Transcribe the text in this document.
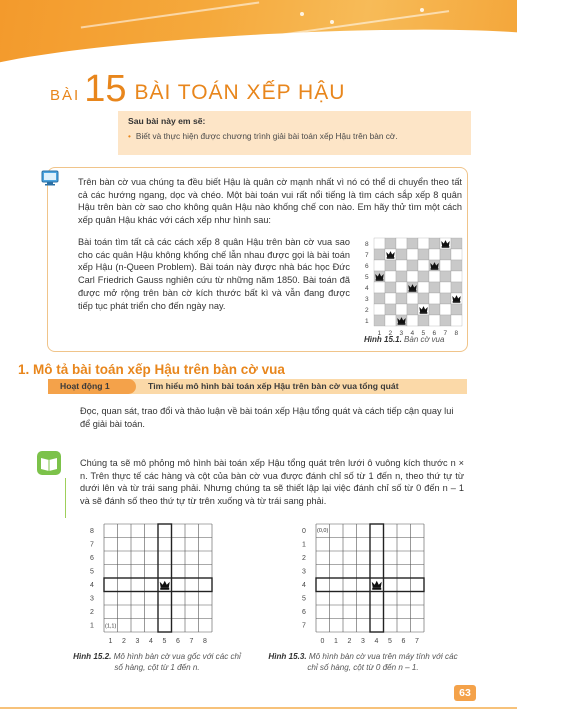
BÀI 15 BÀI TOÁN XẾP HẬU
Sau bài này em sẽ:
• Biết và thực hiện được chương trình giải bài toán xếp Hậu trên bàn cờ.
Trên bàn cờ vua chúng ta đều biết Hậu là quân cờ mạnh nhất vì nó có thể di chuyển theo tất cả các hướng ngang, dọc và chéo. Một bài toán vui rất nổi tiếng là tìm cách sắp xếp 8 quân Hậu trên bàn cờ sao cho không quân Hậu nào khống chế con nào. Em hãy thử tìm một cách xếp quân Hậu khác với cách xếp như hình sau:
Bài toán tìm tất cả các cách xếp 8 quân Hậu trên bàn cờ vua sao cho các quân Hậu không khống chế lẫn nhau được gọi là bài toán xếp Hậu (n-Queen Problem). Bài toán này được nhà bác học Đức Carl Friedrich Gauss nghiên cứu từ những năm 1850. Bài toán đã được mở rộng trên bàn cờ kích thước bất kì và vẫn đang được tiếp tục phát triển cho đến ngày nay.
8
7
6
5
4
3
2
1
1 2 3 4 5 6 7 8
Hình 15.1. Bàn cờ vua
1. Mô tả bài toán xếp Hậu trên bàn cờ vua
Hoạt động 1	Tìm hiểu mô hình bài toán xếp Hậu trên bàn cờ vua tổng quát
Đọc, quan sát, trao đổi và thảo luận về bài toán xếp Hậu tổng quát và cách tiếp cận quay lui để giải bài toán.
Chúng ta sẽ mô phỏng mô hình bài toán xếp Hậu tổng quát trên lưới ô vuông kích thước n × n. Trên thực tế các hàng và cột của bàn cờ vua được đánh chỉ số từ 1 đến n, theo thứ tự từ dưới lên và từ trái sang phải. Nhưng chúng ta sẽ thiết lập lại việc đánh chỉ số từ 0 đến n – 1 và sẽ đánh số theo thứ tự từ trên xuống và từ trái sang phải.
8
7
6
5
4
3
2
1
1 2 3 4 5 6 7 8
(1,1)
Hình 15.2. Mô hình bàn cờ vua gốc với các chỉ số hàng, cột từ 1 đến n.
0
1
2
3
4
5
6
7
0 1 2 3 4 5 6 7
(0,0)
Hình 15.3. Mô hình bàn cờ vua trên máy tính với các chỉ số hàng, cột từ 0 đến n – 1.
63
